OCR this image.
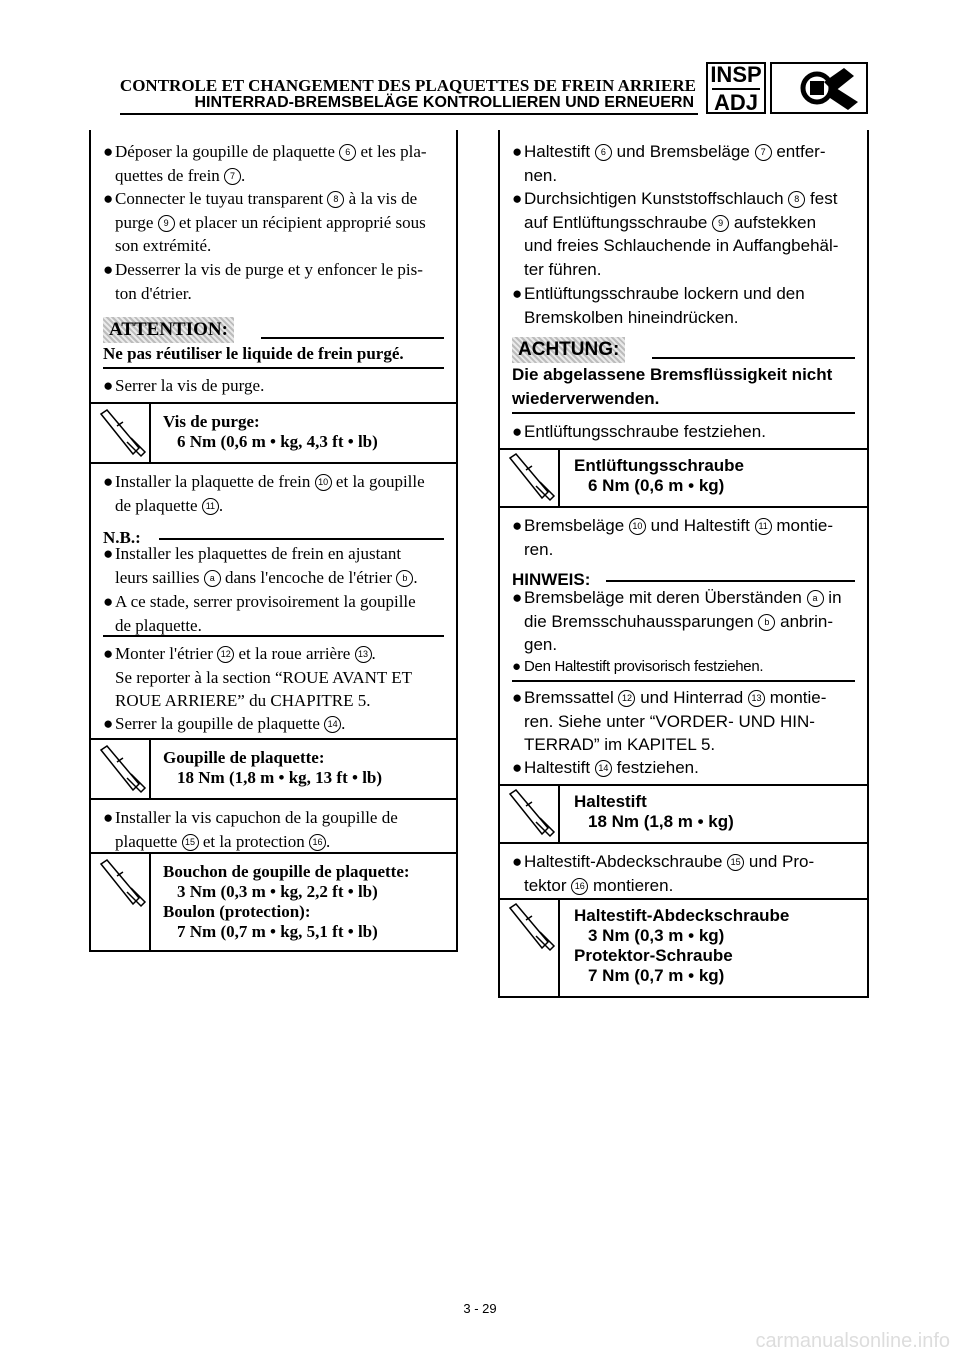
CONTROLE ET CHANGEMENT DES PLAQUETTES DE FREIN ARRIERE
HINTERRAD-BREMSBELÄGE KONTROLLIEREN UND ERNEUERN
INSP
ADJ
● Déposer la goupille de plaquette 6 et les pla-
quettes de frein 7 .
● Connecter le tuyau transparent 8 à la vis de
purge 9 et placer un récipient approprié sous
son extrémité.
● Desserrer la vis de purge et y enfoncer le pis-
ton d'étrier.
ATTENTION:
Ne pas réutiliser le liquide de frein purgé.
● Serrer la vis de purge.
Vis de purge:
6 Nm (0,6 m • kg, 4,3 ft • lb)
● Installer la plaquette de frein 10 et la goupille
de plaquette 11 .
N.B.:
● Installer les plaquettes de frein en ajustant
leurs saillies a dans l'encoche de l'étrier b .
● A ce stade, serrer provisoirement la goupille
de plaquette.
● Monter l'étrier 12 et la roue arrière 13 .
Se reporter à la section “ROUE AVANT ET
ROUE ARRIERE” du CHAPITRE 5.
● Serrer la goupille de plaquette 14 .
Goupille de plaquette:
18 Nm (1,8 m • kg, 13 ft • lb)
● Installer la vis capuchon de la goupille de
plaquette 15 et la protection 16 .
Bouchon de goupille de plaquette:
3 Nm (0,3 m • kg, 2,2 ft • lb)
Boulon (protection):
7 Nm (0,7 m • kg, 5,1 ft • lb)
● Haltestift 6 und Bremsbeläge 7 entfer-
nen.
● Durchsichtigen Kunststoffschlauch 8 fest
auf Entlüftungsschraube 9 aufstekken
und freies Schlauchende in Auffangbehäl-
ter führen.
● Entlüftungsschraube lockern und den
Bremskolben hineindrücken.
ACHTUNG:
Die abgelassene Bremsflüssigkeit nicht
wiederverwenden.
● Entlüftungsschraube festziehen.
Entlüftungsschraube
6 Nm (0,6 m • kg)
● Bremsbeläge 10 und Haltestift 11 montie-
ren.
HINWEIS:
● Bremsbeläge mit deren Überständen a in
die Bremsschuhaussparungen b anbrin-
gen.
● Den Haltestift provisorisch festziehen.
● Bremssattel 12 und Hinterrad 13 montie-
ren. Siehe unter “VORDER- UND HIN-
TERRAD” im KAPITEL 5.
● Haltestift 14 festziehen.
Haltestift
18 Nm (1,8 m • kg)
● Haltestift-Abdeckschraube 15 und Pro-
tektor 16 montieren.
Haltestift-Abdeckschraube
3 Nm (0,3 m • kg)
Protektor-Schraube
7 Nm (0,7 m • kg)
3 - 29
carmanualsonline.info
